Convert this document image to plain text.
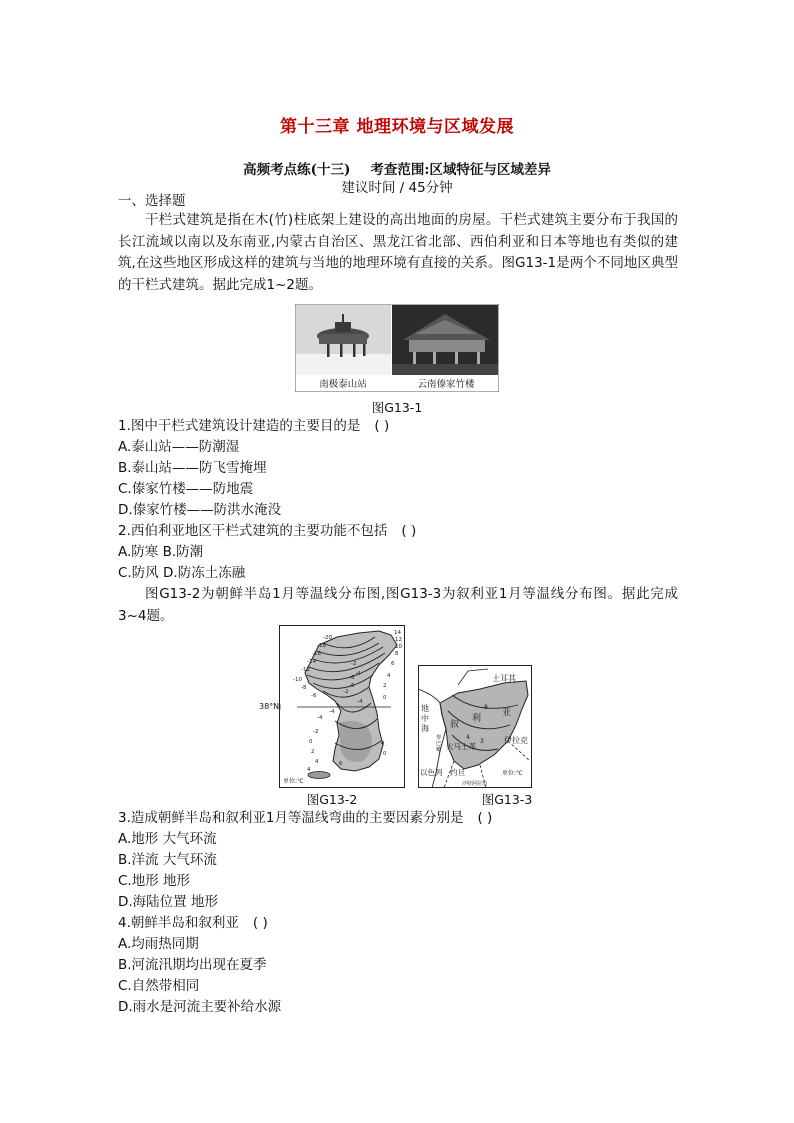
第十三章 地理环境与区域发展
高频考点练(十三) 考查范围:区域特征与区域差异
建议时间 / 45分钟
一、选择题
干栏式建筑是指在木(竹)柱底架上建设的高出地面的房屋。干栏式建筑主要分布于我国的长江流域以南以及东南亚,内蒙古自治区、黑龙江省北部、西伯利亚和日本等地也有类似的建筑,在这些地区形成这样的建筑与当地的地理环境有直接的关系。图G13-1是两个不同地区典型的干栏式建筑。据此完成1~2题。
南极泰山站	云南傣家竹楼
图G13-1
1.图中干栏式建筑设计建造的主要目的是 ( )
A.泰山站——防潮湿
B.泰山站——防飞雪掩埋
C.傣家竹楼——防地震
D.傣家竹楼——防洪水淹没
2.西伯利亚地区干栏式建筑的主要功能不包括 ( )
A.防寒 B.防潮
C.防风 D.防冻土冻融
图G13-2为朝鲜半岛1月等温线分布图,图G13-3为叙利亚1月等温线分布图。据此完成3~4题。
-20
-18
-16
-14
-12
-10
-8
-6
-4
-2
0
2
4	6
14
12
10
8
6
4
2
0
-2
-4
-6
4
0
-4
-2
-6
-4
4
单位:℃
38°N
图G13-2
土耳其
地
中
海 叙
利
亚
大马士革
伊拉克
黎
巴
嫩
以色列 约旦
沙特阿拉伯
单位:℃
8
4
3
图G13-3
3.造成朝鲜半岛和叙利亚1月等温线弯曲的主要因素分别是 ( )
A.地形 大气环流
B.洋流 大气环流
C.地形 地形
D.海陆位置 地形
4.朝鲜半岛和叙利亚 ( )
A.均雨热同期
B.河流汛期均出现在夏季
C.自然带相同
D.雨水是河流主要补给水源
